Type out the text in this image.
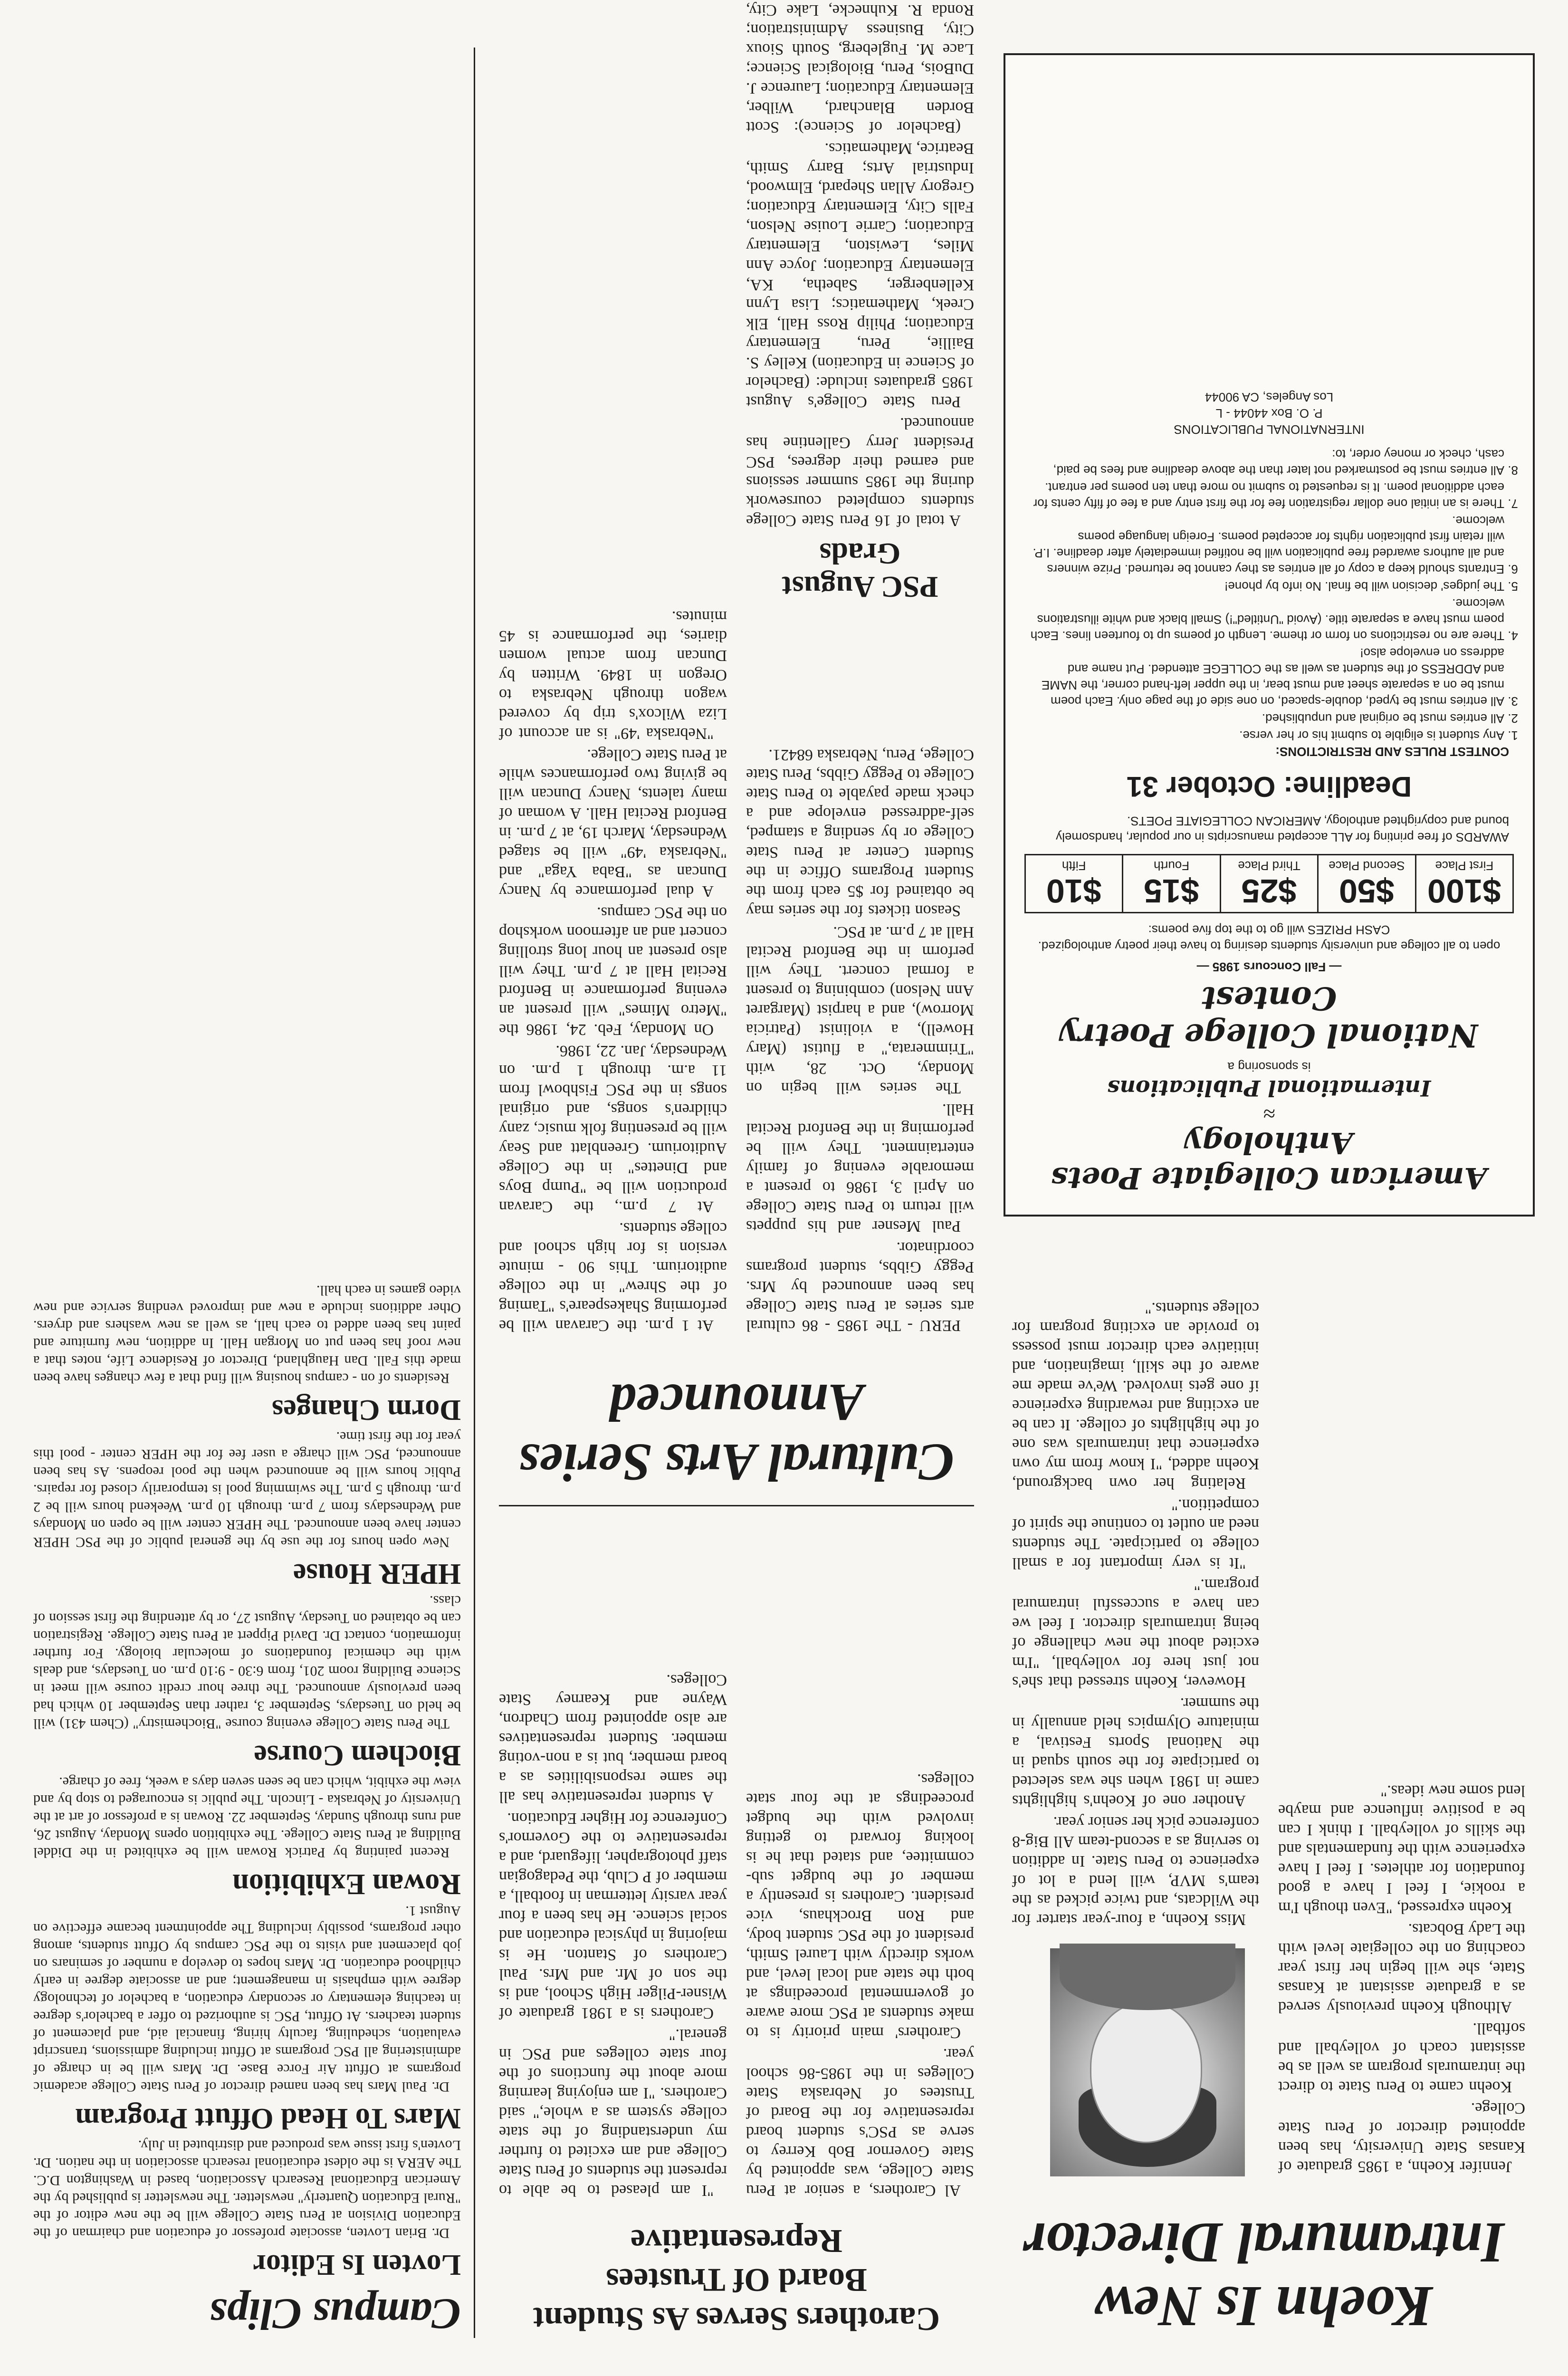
Koehn Is New Intramural Director

Jennifer Koehn, a 1985 graduate of Kansas State University, has been appointed director of Peru State College.

Koehn came to Peru State to direct the intramurals program as well as be assistant coach of volleyball and softball.

Although Koehn previously served as a graduate assistant at Kansas State, she will begin her first year coaching on the collegiate level with the Lady Bobcats.

Koehn expressed, "Even though I'm a rookie, I feel I have a good foundation for athletes. I feel I have experience with the fundamentals and the skills of volleyball. I think I can be a positive influence and maybe lend some new ideas."

Miss Koehn, a four-year starter for the Wildcats, and twice picked as the team's MVP, will lend a lot of experience to Peru State. In addition to serving as a second-team All Big-8 conference pick her senior year.

Another one of Koehn's highlights came in 1981 when she was selected to participate for the south squad in the National Sports Festival, a miniature Olympics held annually in the summer.

However, Koehn stressed that she's not just here for volleyball, "I'm excited about the new challenge of being intramurals director. I feel we can have a successful intramural program."

"It is very important for a small college to participate. The students need an outlet to continue the spirit of competition."

Relating her own background, Koehn added, "I know from my own experience that intramurals was one of the highlights of college. It can be an exciting and rewarding experience if one gets involved. We've made me aware of the skill, imagination, and initiative each director must possess to provide an exciting program for college students."

Carothers Serves As Student Board Of Trustees Representative

Al Carothers, a senior at Peru State College, was appointed by State Governor Bob Kerrey to serve as PSC's student board representative for the Board of Trustees of Nebraska State Colleges in the 1985-86 school year.

Carothers' main priority is to make students at PSC more aware of governmental proceedings at both the state and local level, and works directly with Laurel Smith, president of the PSC student body, and Ron Brockhaus, vice president. Carothers is presently a member of the budget sub-committee, and stated that he is looking forward to getting involved with the budget proceedings at the four state colleges.

"I am pleased to be able to represent the students of Peru State College and am excited to further my understanding of the state college system as a whole," said Carothers. "I am enjoying learning more about the functions of the four state colleges and PSC in general."

Carothers is a 1981 graduate of Wisner-Pilger High School, and is the son of Mr. and Mrs. Paul Carothers of Stanton. He is majoring in physical education and social science. He has been a four year varsity letterman in football, a member of P Club, the Pedagogian staff photographer, lifeguard, and a representative to the Governor's Conference for Higher Education.

A student representative has all the same responsibilities as a board member, but is a non-voting member. Student representatives are also appointed from Chadron, Wayne and Kearney State Colleges.

Cultural Arts Series Announced

PERU - The 1985 - 86 cultural arts series at Peru State College has been announced by Mrs. Peggy Gibbs, student programs coordinator.

Paul Mesner and his puppets will return to Peru State College on April 3, 1986 to present a memorable evening of family entertainment. They will be performing in the Benford Recital Hall.

The series will begin on Monday, Oct. 28, with "Trimmerata," a flutist (Mary Howell), a violinist (Patricia Morrow), and a harpist (Margaret Ann Nelson) combining to present a formal concert. They will perform in the Benford Recital Hall at 7 p.m. at PSC.

Season tickets for the series may be obtained for $5 each from the Student Programs Office in the Student Center at Peru State College or by sending a stamped, self-addressed envelope and a check made payable to Peru State College to Peggy Gibbs, Peru State College, Peru, Nebraska 68421.

At 1 p.m. the Caravan will be performing Shakespeare's "Taming of the Shrew" in the college auditorium. This 90 - minute version is for high school and college students.

At 7 p.m., the Caravan production will be "Pump Boys and Dinettes" in the College Auditorium. Greenblatt and Seay will be presenting folk music, zany children's songs, and original songs in the PSC Fishbowl from 11 a.m. through 1 p.m. on Wednesday, Jan. 22, 1986.

On Monday, Feb. 24, 1986 the "Metro Mimes" will present an evening performance in Benford Recital Hall at 7 p.m. They will also present an hour long strolling concert and an afternoon workshop on the PSC campus.

A dual performance by Nancy Duncan as "Baba Yaga" and "Nebraska '49" will be staged Wednesday, March 19, at 7 p.m. in Benford Recital Hall. A woman of many talents, Nancy Duncan will be giving two performances while at Peru State College.

"Nebraska '49" is an account of Liza Wilcox's trip by covered wagon through Nebraska to Oregon in 1849. Written by Duncan from actual women diaries, the performance is 45 minutes.

PSC August Grads

A total of 16 Peru State College students completed coursework during the 1985 summer sessions and earned their degrees, PSC President Jerry Gallentine has announced.

Peru State College's August 1985 graduates include: (Bachelor of Science in Education) Kelley S. Baillie, Peru, Elementary Education; Philip Ross Hall, Elk Creek, Mathematics; Lisa Lynn Kellenberger, Sabetha, KA, Elementary Education; Joyce Ann Miles, Lewiston, Elementary Education; Carrie Louise Nelson, Falls City, Elementary Education; Gregory Allan Shepard, Elmwood, Industrial Arts; Barry Smith, Beatrice, Mathematics.

(Bachelor of Science): Scott Borden Blanchard, Wilber, Elementary Education; Laurence J. DuBois, Peru, Biological Science; Lace M. Fugleberg, South Sioux City, Business Administration; Ronda R. Kuhnecke, Lake City,

Campus Clips
Lovten Is Editor

Dr. Brian Lovten, associate professor of education and chairman of the Education Division at Peru State College will be the new editor of the "Rural Education Quarterly" newsletter. The newsletter is published by the American Educational Research Association, based in Washington D.C. The AERA is the oldest educational research association in the nation. Dr. Lovten's first issue was produced and distributed in July.

Mars To Head Offutt Program

Dr. Paul Mars has been named director of Peru State College academic programs at Offutt Air Force Base. Dr. Mars will be in charge of administering all PSC programs at Offutt including admissions, transcript evaluation, scheduling, faculty hiring, financial aid, and placement of student teachers. At Offutt, PSC is authorized to offer a bachelor's degree in teaching elementary or secondary education, a bachelor of technology degree with emphasis in management; and an associate degree in early childhood education. Dr. Mars hopes to develop a number of seminars on job placement and visits to the PSC campus by Offutt students, among other programs, possibly including The appointment became effective on August 1.

Rowan Exhibition

Recent painting by Patrick Rowan will be exhibited in the Diddel Building at Peru State College. The exhibition opens Monday, August 26, and runs through Sunday, September 22. Rowan is a professor of art at the University of Nebraska - Lincoln. The public is encouraged to stop by and view the exhibit, which can be seen seven days a week, free of charge.

Biochem Course

The Peru State College evening course "Biochemistry" (Chem 431) will be held on Tuesdays, September 3, rather than September 10 which had been previously announced. The three hour credit course will meet in Science Building room 201, from 6:30 - 9:10 p.m. on Tuesdays, and deals with the chemical foundations of molecular biology. For further information, contact Dr. David Pippert at Peru State College. Registration can be obtained on Tuesday, August 27, or by attending the first session of class.

HPER House

New open hours for the use by the general public of the PSC HPER center have been announced. The HPER center will be open on Mondays and Wednesdays from 7 p.m. through 10 p.m. Weekend hours will be 2 p.m. through 5 p.m. The swimming pool is temporarily closed for repairs. Public hours will be announced when the pool reopens. As has been announced, PSC will charge a user fee for the HPER center - pool this year for the first time.

Dorm Changes

Residents of on - campus housing will find that a few changes have been made this Fall. Dan Haughland, Director of Residence Life, notes that a new roof has been put on Morgan Hall. In addition, new furniture and paint has been added to each hall, as well as new washers and dryers. Other additions include a new and improved vending service and new video games in each hall.

American Collegiate Poets Anthology
≈
International Publications
is sponsoring a
National College Poetry Contest
— Fall Concours 1985 —
open to all college and university students desiring to have their poetry anthologized. CASH PRIZES will go to the top five poems:
$100
First Place
$50
Second Place
$25
Third Place
$15
Fourth
$10
Fifth
AWARDS of free printing for ALL accepted manuscripts in our popular, handsomely bound and copyrighted anthology, AMERICAN COLLEGIATE POETS.
Deadline: October 31
CONTEST RULES AND RESTRICTIONS:
1. Any student is eligible to submit his or her verse.
2. All entries must be original and unpublished.
3. All entries must be typed, double-spaced, on one side of the page only. Each poem must be on a separate sheet and must bear, in the upper left-hand corner, the NAME and ADDRESS of the student as well as the COLLEGE attended. Put name and address on envelope also!
4. There are no restrictions on form or theme. Length of poems up to fourteen lines. Each poem must have a separate title. (Avoid "Untitled"!) Small black and white illustrations welcome.
5. The judges' decision will be final. No info by phone!
6. Entrants should keep a copy of all entries as they cannot be returned. Prize winners and all authors awarded free publication will be notified immediately after deadline. I.P. will retain first publication rights for accepted poems. Foreign language poems welcome.
7. There is an initial one dollar registration fee for the first entry and a fee of fifty cents for each additional poem. It is requested to submit no more than ten poems per entrant.
8. All entries must be postmarked not later than the above deadline and fees be paid, cash, check or money order, to:
INTERNATIONAL PUBLICATIONS
P. O. Box 44044 - L
Los Angeles, CA 90044
